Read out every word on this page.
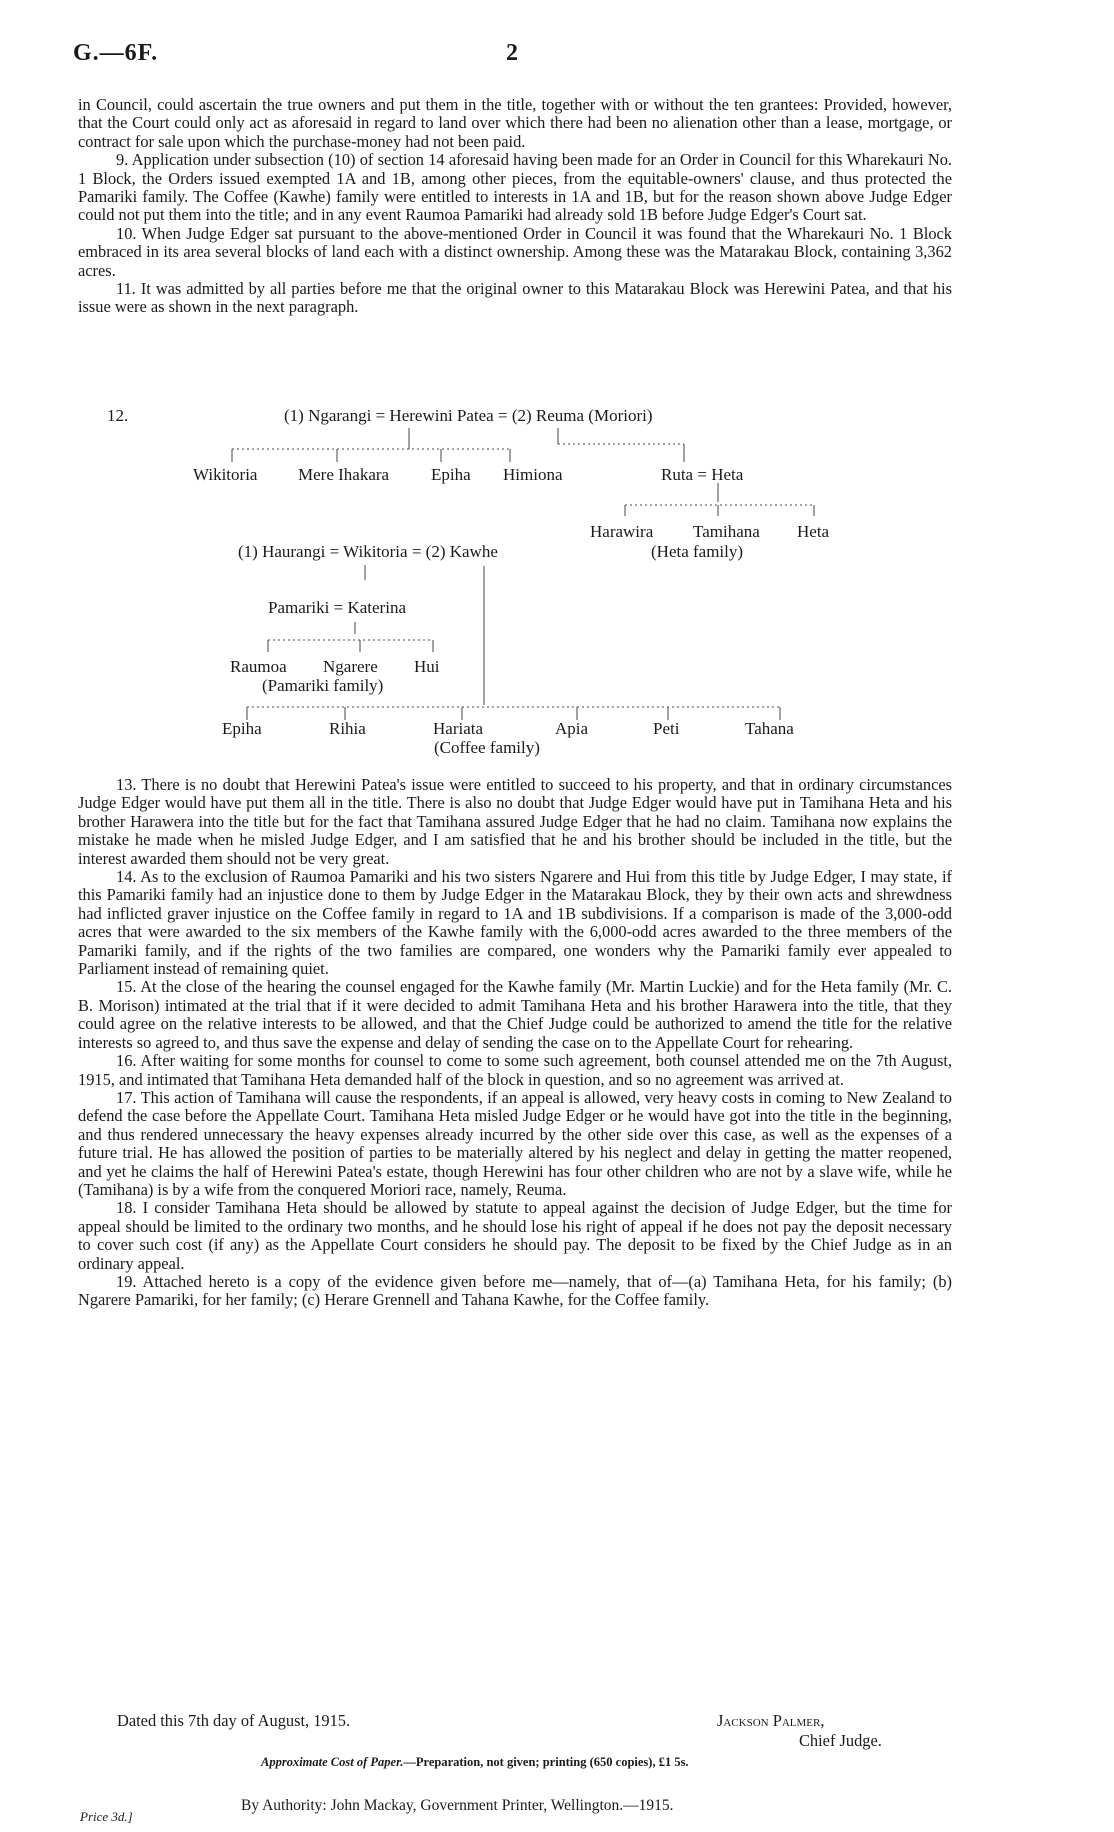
G.—6F.	2

in Council, could ascertain the true owners and put them in the title, together with or without the ten grantees: Provided, however, that the Court could only act as aforesaid in regard to land over which there had been no alienation other than a lease, mortgage, or contract for sale upon which the purchase-money had not been paid.

9. Application under subsection (10) of section 14 aforesaid having been made for an Order in Council for this Wharekauri No. 1 Block, the Orders issued exempted 1A and 1B, among other pieces, from the equitable-owners' clause, and thus protected the Pamariki family. The Coffee (Kawhe) family were entitled to interests in 1A and 1B, but for the reason shown above Judge Edger could not put them into the title; and in any event Raumoa Pamariki had already sold 1B before Judge Edger's Court sat.

10. When Judge Edger sat pursuant to the above-mentioned Order in Council it was found that the Wharekauri No. 1 Block embraced in its area several blocks of land each with a distinct ownership. Among these was the Matarakau Block, containing 3,362 acres.

11. It was admitted by all parties before me that the original owner to this Matarakau Block was Herewini Patea, and that his issue were as shown in the next paragraph.

12.	(1) Ngarangi = Herewini Patea = (2) Reuma (Moriori)
Wikitoria Mere Ihakara Epiha Himiona	Ruta = Heta
Harawira Tamihana Heta
(Heta family)
(1) Haurangi = Wikitoria = (2) Kawhe
Pamariki = Katerina
Raumoa Ngarere Hui
(Pamariki family)
Epiha	Rihia	Hariata	Apia	Peti	Tahana
(Coffee family)

13. There is no doubt that Herewini Patea's issue were entitled to succeed to his property, and that in ordinary circumstances Judge Edger would have put them all in the title. There is also no doubt that Judge Edger would have put in Tamihana Heta and his brother Harawera into the title but for the fact that Tamihana assured Judge Edger that he had no claim. Tamihana now explains the mistake he made when he misled Judge Edger, and I am satisfied that he and his brother should be included in the title, but the interest awarded them should not be very great.

14. As to the exclusion of Raumoa Pamariki and his two sisters Ngarere and Hui from this title by Judge Edger, I may state, if this Pamariki family had an injustice done to them by Judge Edger in the Matarakau Block, they by their own acts and shrewdness had inflicted graver injustice on the Coffee family in regard to 1A and 1B subdivisions. If a comparison is made of the 3,000-odd acres that were awarded to the six members of the Kawhe family with the 6,000-odd acres awarded to the three members of the Pamariki family, and if the rights of the two families are compared, one wonders why the Pamariki family ever appealed to Parliament instead of remaining quiet.

15. At the close of the hearing the counsel engaged for the Kawhe family (Mr. Martin Luckie) and for the Heta family (Mr. C. B. Morison) intimated at the trial that if it were decided to admit Tamihana Heta and his brother Harawera into the title, that they could agree on the relative interests to be allowed, and that the Chief Judge could be authorized to amend the title for the relative interests so agreed to, and thus save the expense and delay of sending the case on to the Appellate Court for rehearing.

16. After waiting for some months for counsel to come to some such agreement, both counsel attended me on the 7th August, 1915, and intimated that Tamihana Heta demanded half of the block in question, and so no agreement was arrived at.

17. This action of Tamihana will cause the respondents, if an appeal is allowed, very heavy costs in coming to New Zealand to defend the case before the Appellate Court. Tamihana Heta misled Judge Edger or he would have got into the title in the beginning, and thus rendered unnecessary the heavy expenses already incurred by the other side over this case, as well as the expenses of a future trial. He has allowed the position of parties to be materially altered by his neglect and delay in getting the matter reopened, and yet he claims the half of Herewini Patea's estate, though Herewini has four other children who are not by a slave wife, while he (Tamihana) is by a wife from the conquered Moriori race, namely, Reuma.

18. I consider Tamihana Heta should be allowed by statute to appeal against the decision of Judge Edger, but the time for appeal should be limited to the ordinary two months, and he should lose his right of appeal if he does not pay the deposit necessary to cover such cost (if any) as the Appellate Court considers he should pay. The deposit to be fixed by the Chief Judge as in an ordinary appeal.

19. Attached hereto is a copy of the evidence given before me—namely, that of—(a) Tamihana Heta, for his family; (b) Ngarere Pamariki, for her family; (c) Herare Grennell and Tahana Kawhe, for the Coffee family.

Dated this 7th day of August, 1915.	Jackson Palmer,
Chief Judge.
Approximate Cost of Paper.—Preparation, not given; printing (650 copies), £1 5s.
By Authority: John Mackay, Government Printer, Wellington.—1915.
Price 3d.]
